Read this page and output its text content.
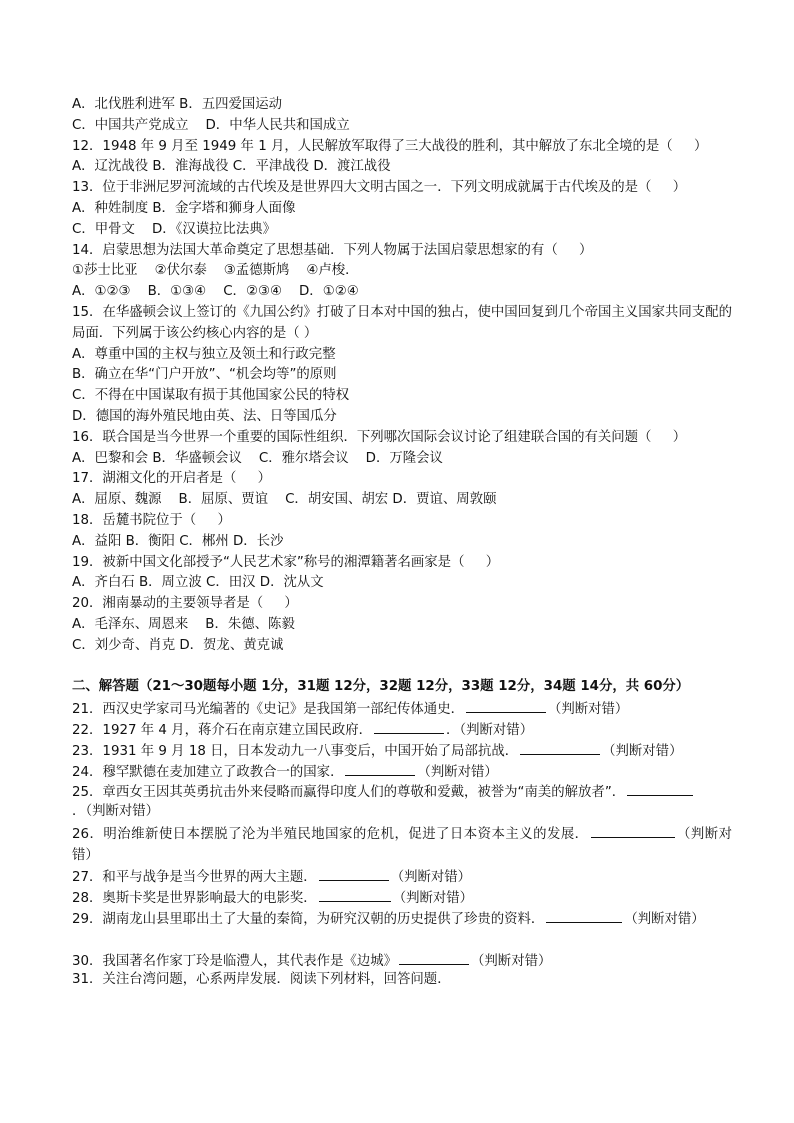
A．北伐胜利进军 B．五四爱国运动
C．中国共产党成立    D．中华人民共和国成立
12．1948 年 9 月至 1949 年 1 月，人民解放军取得了三大战役的胜利，其中解放了东北全境的是（     ）
A．辽沈战役 B．淮海战役 C．平津战役 D．渡江战役
13．位于非洲尼罗河流域的古代埃及是世界四大文明古国之一．下列文明成就属于古代埃及的是（     ）
A．种姓制度 B．金字塔和狮身人面像
C．甲骨文    D．《汉谟拉比法典》
14．启蒙思想为法国大革命奠定了思想基础．下列人物属于法国启蒙思想家的有（     ）
①莎士比亚    ②伏尔泰    ③孟德斯鸠    ④卢梭．
A．①②③    B．①③④    C．②③④    D．①②④
15．在华盛顿会议上签订的《九国公约》打破了日本对中国的独占，使中国回复到几个帝国主义国家共同支配的局面．下列属于该公约核心内容的是（ ）
A．尊重中国的主权与独立及领土和行政完整
B．确立在华“门户开放”、“机会均等”的原则
C．不得在中国谋取有损于其他国家公民的特权
D．德国的海外殖民地由英、法、日等国瓜分
16．联合国是当今世界一个重要的国际性组织．下列哪次国际会议讨论了组建联合国的有关问题（     ）
A．巴黎和会 B．华盛顿会议    C．雅尔塔会议    D．万隆会议
17．湖湘文化的开启者是（     ）
A．屈原、魏源    B．屈原、贾谊    C．胡安国、胡宏 D．贾谊、周敦颐
18．岳麓书院位于（     ）
A．益阳 B．衡阳 C．郴州 D．长沙
19．被新中国文化部授予“人民艺术家”称号的湘潭籍著名画家是（     ）
A．齐白石 B．周立波 C．田汉 D．沈从文
20．湘南暴动的主要领导者是（     ）
A．毛泽东、周恩来    B．朱德、陈毅
C．刘少奇、肖克 D．贺龙、黄克诚
二、解答题（21～30题每小题 1分，31题 12分，32题 12分，33题 12分，34题 14分，共 60分）
21．西汉史学家司马光编著的《史记》是我国第一部纪传体通史．	（判断对错）
22．1927 年 4 月，蒋介石在南京建立国民政府．	．（判断对错）
23．1931 年 9 月 18 日，日本发动九一八事变后，中国开始了局部抗战．	（判断对错）
24．穆罕默德在麦加建立了政教合一的国家．	（判断对错）
25．章西女王因其英勇抗击外来侵略而赢得印度人们的尊敬和爱戴，被誉为“南美的解放者”．
．（判断对错）
26．明治维新使日本摆脱了沦为半殖民地国家的危机，促进了日本资本主义的发展．	（判断对错）
27．和平与战争是当今世界的两大主题．	（判断对错）
28．奥斯卡奖是世界影响最大的电影奖．	（判断对错）
29．湖南龙山县里耶出土了大量的秦简，为研究汉朝的历史提供了珍贵的资料．	（判断对错）
30．我国著名作家丁玲是临澧人，其代表作是《边城》	（判断对错）
31．关注台湾问题，心系两岸发展．阅读下列材料，回答问题．
